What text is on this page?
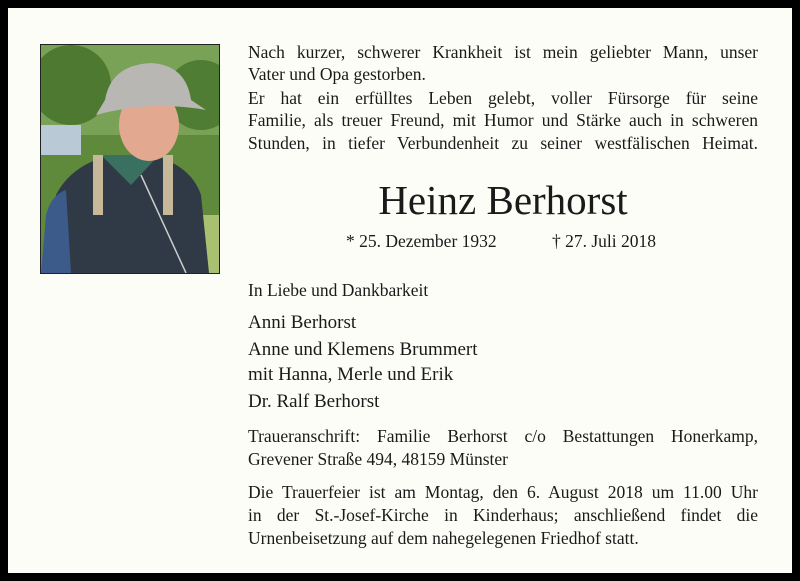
Nach kurzer, schwerer Krankheit ist mein geliebter Mann, unser
Vater und Opa gestorben.
Er hat ein erfülltes Leben gelebt, voller Fürsorge für seine
Familie, als treuer Freund, mit Humor und Stärke auch in schweren
Stunden, in tiefer Verbundenheit zu seiner westfälischen Heimat.
Heinz Berhorst
* 25. Dezember 1932	† 27. Juli 2018
In Liebe und Dankbarkeit
Anni Berhorst
Anne und Klemens Brummert
mit Hanna, Merle und Erik
Dr. Ralf Berhorst
Traueranschrift: Familie Berhorst c/o Bestattungen Honerkamp,
Grevener Straße 494, 48159 Münster
Die Trauerfeier ist am Montag, den 6. August 2018 um 11.00 Uhr
in der St.-Josef-Kirche in Kinderhaus; anschließend findet die
Urnenbeisetzung auf dem nahegelegenen Friedhof statt.
